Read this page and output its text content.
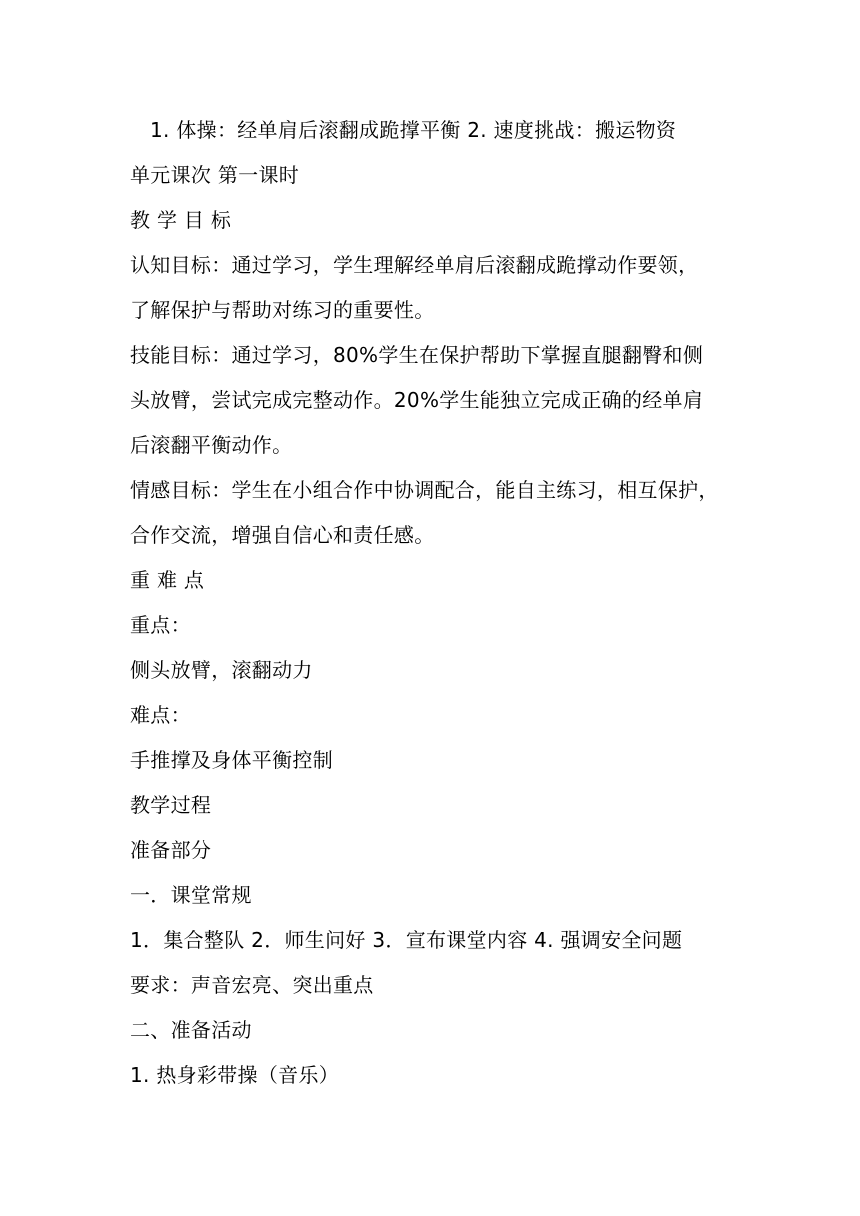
1. 体操：经单肩后滚翻成跪撑平衡 2. 速度挑战：搬运物资
单元课次 第一课时
教 学 目 标
认知目标：通过学习，学生理解经单肩后滚翻成跪撑动作要领，
了解保护与帮助对练习的重要性。
技能目标：通过学习，80%学生在保护帮助下掌握直腿翻臀和侧
头放臂，尝试完成完整动作。20%学生能独立完成正确的经单肩
后滚翻平衡动作。
情感目标：学生在小组合作中协调配合，能自主练习，相互保护，
合作交流，增强自信心和责任感。
重 难 点
重点：
侧头放臂，滚翻动力
难点：
手推撑及身体平衡控制
教学过程
准备部分
一．课堂常规
1．集合整队 2．师生问好 3．宣布课堂内容 4. 强调安全问题
要求：声音宏亮、突出重点
二、准备活动
1. 热身彩带操（音乐）
